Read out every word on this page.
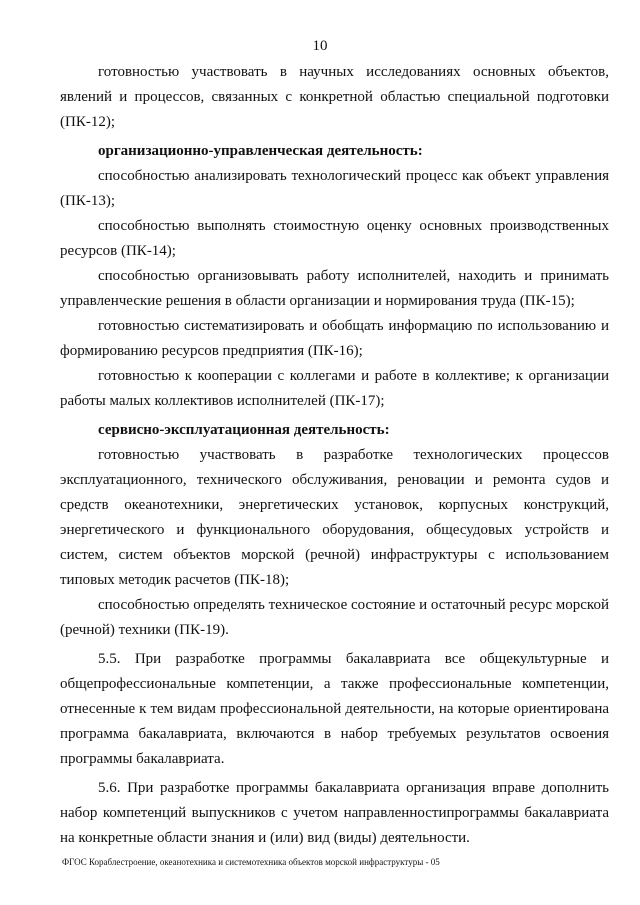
10

готовностью участвовать в научных исследованиях основных объектов, явлений и процессов, связанных с конкретной областью специальной подготовки (ПК-12);

организационно-управленческая деятельность:

способностью анализировать технологический процесс как объект управления (ПК-13);

способностью выполнять стоимостную оценку основных производственных ресурсов (ПК-14);

способностью организовывать работу исполнителей, находить и принимать управленческие решения в области организации и нормирования труда (ПК-15);

готовностью систематизировать и обобщать информацию по использованию и формированию ресурсов предприятия (ПК-16);

готовностью к кооперации с коллегами и работе в коллективе; к организации работы малых коллективов исполнителей (ПК-17);

сервисно-эксплуатационная деятельность:

готовностью участвовать в разработке технологических процессов эксплуатационного, технического обслуживания, реновации и ремонта судов и средств океанотехники, энергетических установок, корпусных конструкций, энергетического и функционального оборудования, общесудовых устройств и систем, систем объектов морской (речной) инфраструктуры с использованием типовых методик расчетов (ПК-18);

способностью определять техническое состояние и остаточный ресурс морской (речной) техники (ПК-19).

5.5. При разработке программы бакалавриата все общекультурные и общепрофессиональные компетенции, а также профессиональные компетенции, отнесенные к тем видам профессиональной деятельности, на которые ориентирована программа бакалавриата, включаются в набор требуемых результатов освоения программы бакалавриата.

5.6. При разработке программы бакалавриата организация вправе дополнить набор компетенций выпускников с учетом направленностипрограммы бакалавриата на конкретные области знания и (или) вид (виды) деятельности.

ФГОС Кораблестроение, океанотехника и системотехника объектов морской инфраструктуры - 05
